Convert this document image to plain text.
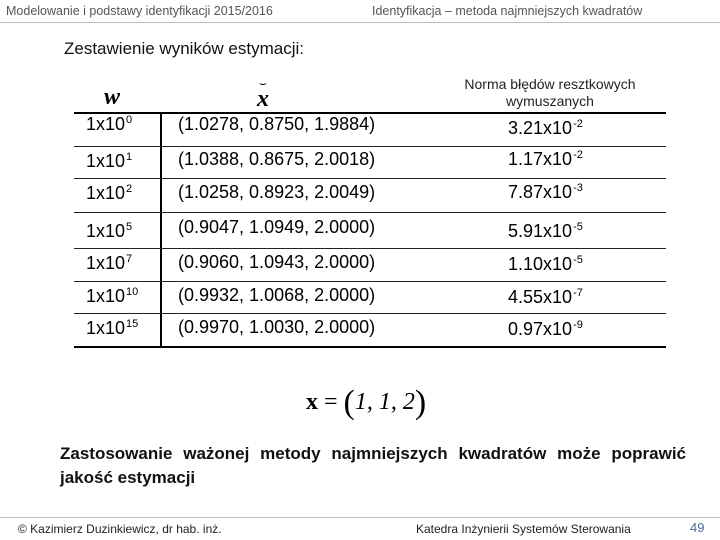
Modelowanie i podstawy identyfikacji 2015/2016	Identyfikacja – metoda najmniejszych kwadratów
Zestawienie wyników estymacji:
w
⌣
x
Norma błędów resztkowych wymuszanych
$1x10^0$	(1.0278, 0.8750, 1.9884)	$3.21x10^{-2}$
$1x10^1$	(1.0388, 0.8675, 2.0018)	$1.17x10^{-2}$
$1x10^2$	(1.0258, 0.8923, 2.0049)	$7.87x10^{-3}$
$1x10^5$	(0.9047, 1.0949, 2.0000)	$5.91x10^{-5}$
$1x10^7$	(0.9060, 1.0943, 2.0000)	$1.10x10^{-5}$
$1x10^{10}$ (0.9932, 1.0068, 2.0000)	$4.55x10^{-7}$
$1x10^{15}$ (0.9970, 1.0030, 2.0000)	$0.97x10^{-9}$
x = (1, 1, 2)
Zastosowanie ważonej metody najmniejszych kwadratów może poprawić jakość estymacji
© Kazimierz Duzinkiewicz, dr hab. inż.	Katedra Inżynierii Systemów Sterowania	49
